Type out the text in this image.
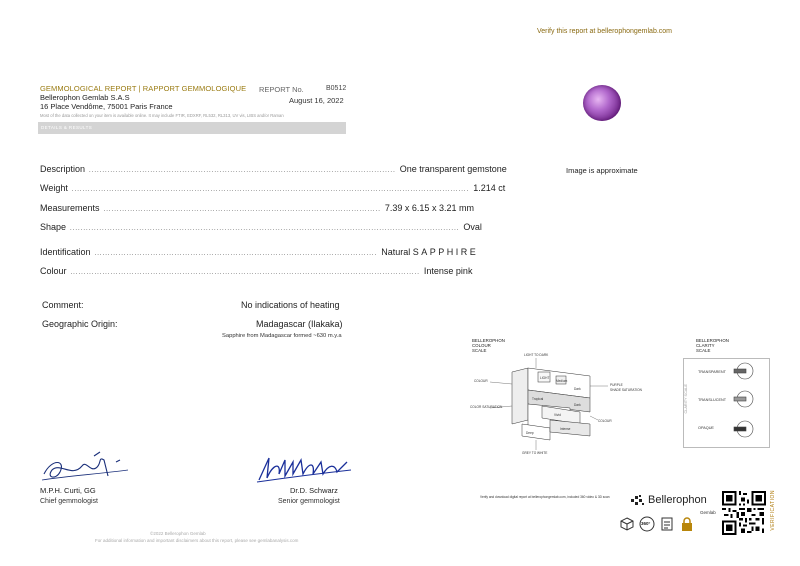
Verify this report at bellerophongemlab.com
GEMMOLOGICAL REPORT | RAPPORT GEMMOLOGIQUE
Bellerophon Gemlab S.A.S
16 Place Vendôme, 75001 Paris France
Most of the data collected on your item is available online. It may include FTIR, EDXRF, RL532, RL313, UV vis, LIBS and/or Raman
REPORT No.	B0512
August 16, 2022
DETAILS & RESULTS
Description ................................................................................................................... One transparent gemstone
Weight ..................................................................................................................................................... 1.214 ct
Measurements ........................................................................................................ 7.39 x 6.15 x 3.21 mm
Shape .................................................................................................................................................. Oval
Identification .......................................................................................................... Natural SAPPHIRE
Colour ................................................................................................................................... Intense pink
Comment:	No indications of heating
Geographic Origin:	Madagascar (Ilakaka)
Sapphire from Madagascar formed ~630 m.y.a
Image is approximate
M.P.H. Curti, GG
Chief gemmologist
Dr.D. Schwarz
Senior gemmologist
©2022 Bellerophon Gemlab
For additional information and important disclaimers about this report, please see gemlabanalysis.com
BELLEROPHON
COLOUR
SCALE
LIGHT TO DARK
COLOUR
PURPLE
LIGHT
Medium
Dark
Tropical
Dark
SHADE SATURATION
COLOR SATURATION
Vivid
Intense
Deep
COLOUR
GREY TO WHITE
BELLEROPHON
CLARITY
SCALE
CLARITY SCALE
TRANSPARENT
TRANSLUCENT
OPAQUE
Verify and download digital report at bellerophongemlab.com, included 360 video & 3D scan	Bellerophon
Gemlab
360°	VERIFICATION
